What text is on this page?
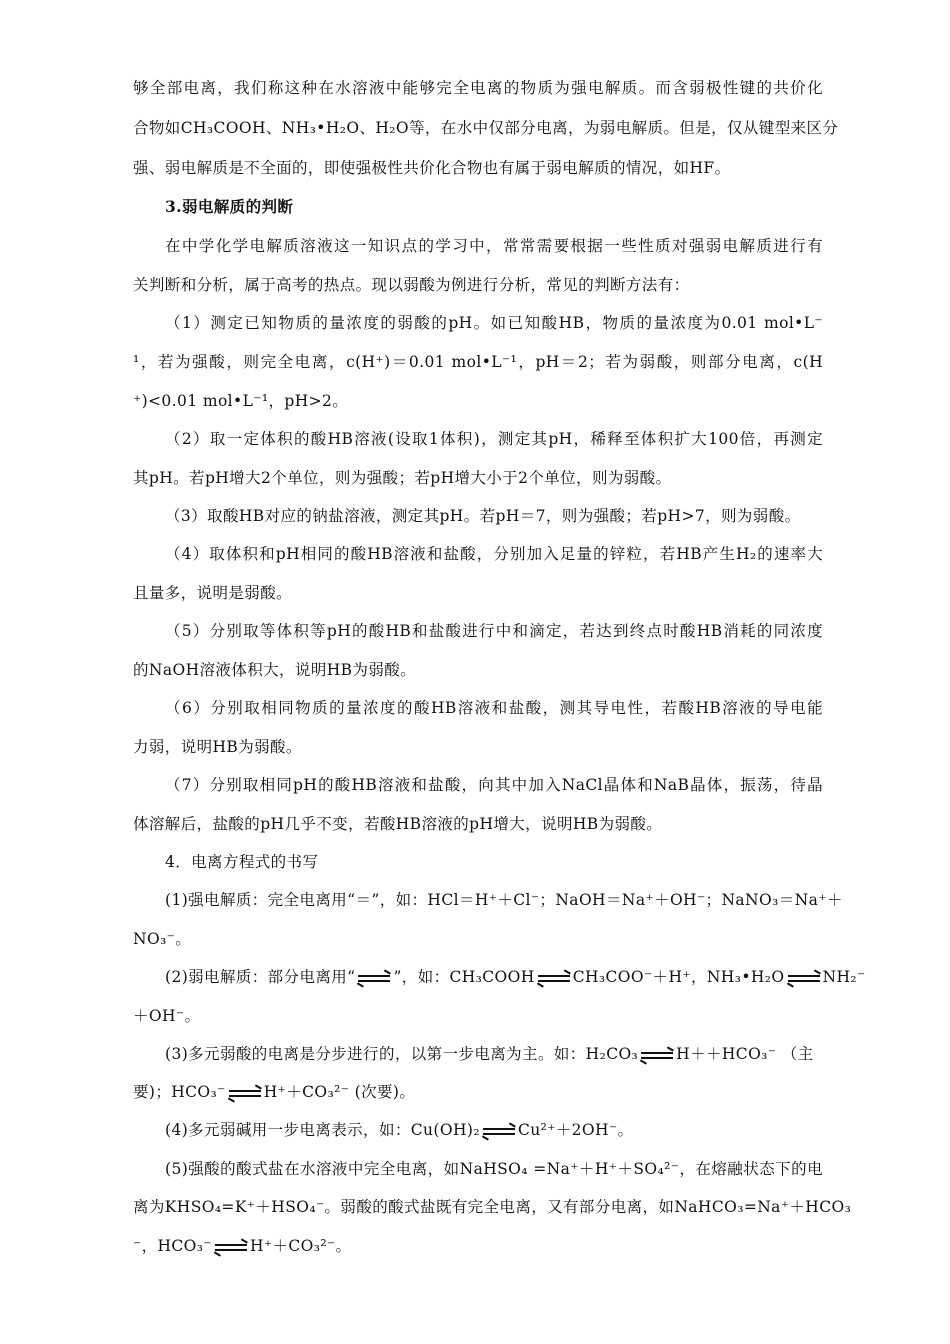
够全部电离，我们称这种在水溶液中能够完全电离的物质为强电解质。而含弱极性键的共价化
合物如CH₃COOH、NH₃•H₂O、H₂O等，在水中仅部分电离，为弱电解质。但是，仅从键型来区分
强、弱电解质是不全面的，即使强极性共价化合物也有属于弱电解质的情况，如HF。
3.弱电解质的判断
在中学化学电解质溶液这一知识点的学习中，常常需要根据一些性质对强弱电解质进行有
关判断和分析，属于高考的热点。现以弱酸为例进行分析，常见的判断方法有：
（1）测定已知物质的量浓度的弱酸的pH。如已知酸HB，物质的量浓度为0.01 mol•L⁻
¹，若为强酸，则完全电离，c(H⁺)＝0.01 mol•L⁻¹，pH＝2；若为弱酸，则部分电离，c(H
⁺)<0.01 mol•L⁻¹，pH>2。
（2）取一定体积的酸HB溶液(设取1体积)，测定其pH，稀释至体积扩大100倍，再测定
其pH。若pH增大2个单位，则为强酸；若pH增大小于2个单位，则为弱酸。
（3）取酸HB对应的钠盐溶液，测定其pH。若pH＝7，则为强酸；若pH>7，则为弱酸。
（4）取体积和pH相同的酸HB溶液和盐酸，分别加入足量的锌粒，若HB产生H₂的速率大
且量多，说明是弱酸。
（5）分别取等体积等pH的酸HB和盐酸进行中和滴定，若达到终点时酸HB消耗的同浓度
的NaOH溶液体积大，说明HB为弱酸。
（6）分别取相同物质的量浓度的酸HB溶液和盐酸，测其导电性，若酸HB溶液的导电能
力弱，说明HB为弱酸。
（7）分别取相同pH的酸HB溶液和盐酸，向其中加入NaCl晶体和NaB晶体，振荡，待晶
体溶解后，盐酸的pH几乎不变，若酸HB溶液的pH增大，说明HB为弱酸。
4．电离方程式的书写
(1)强电解质：完全电离用“＝”，如：HCl＝H⁺＋Cl⁻；NaOH＝Na⁺＋OH⁻；NaNO₃＝Na⁺＋
NO₃⁻。
(2)弱电解质：部分电离用“ ”，如：CH₃COOH CH₃COO⁻＋H⁺，NH₃•H₂O NH₂⁻
＋OH⁻。
(3)多元弱酸的电离是分步进行的，以第一步电离为主。如：H₂CO₃ H＋＋HCO₃⁻ （主
要)；HCO₃⁻ H⁺＋CO₃²⁻ (次要)。
(4)多元弱碱用一步电离表示，如：Cu(OH)₂ Cu²⁺＋2OH⁻。
(5)强酸的酸式盐在水溶液中完全电离，如NaHSO₄ =Na⁺＋H⁺＋SO₄²⁻，在熔融状态下的电
离为KHSO₄=K⁺＋HSO₄⁻。弱酸的酸式盐既有完全电离，又有部分电离，如NaHCO₃=Na⁺＋HCO₃
⁻，HCO₃⁻ H⁺＋CO₃²⁻。
